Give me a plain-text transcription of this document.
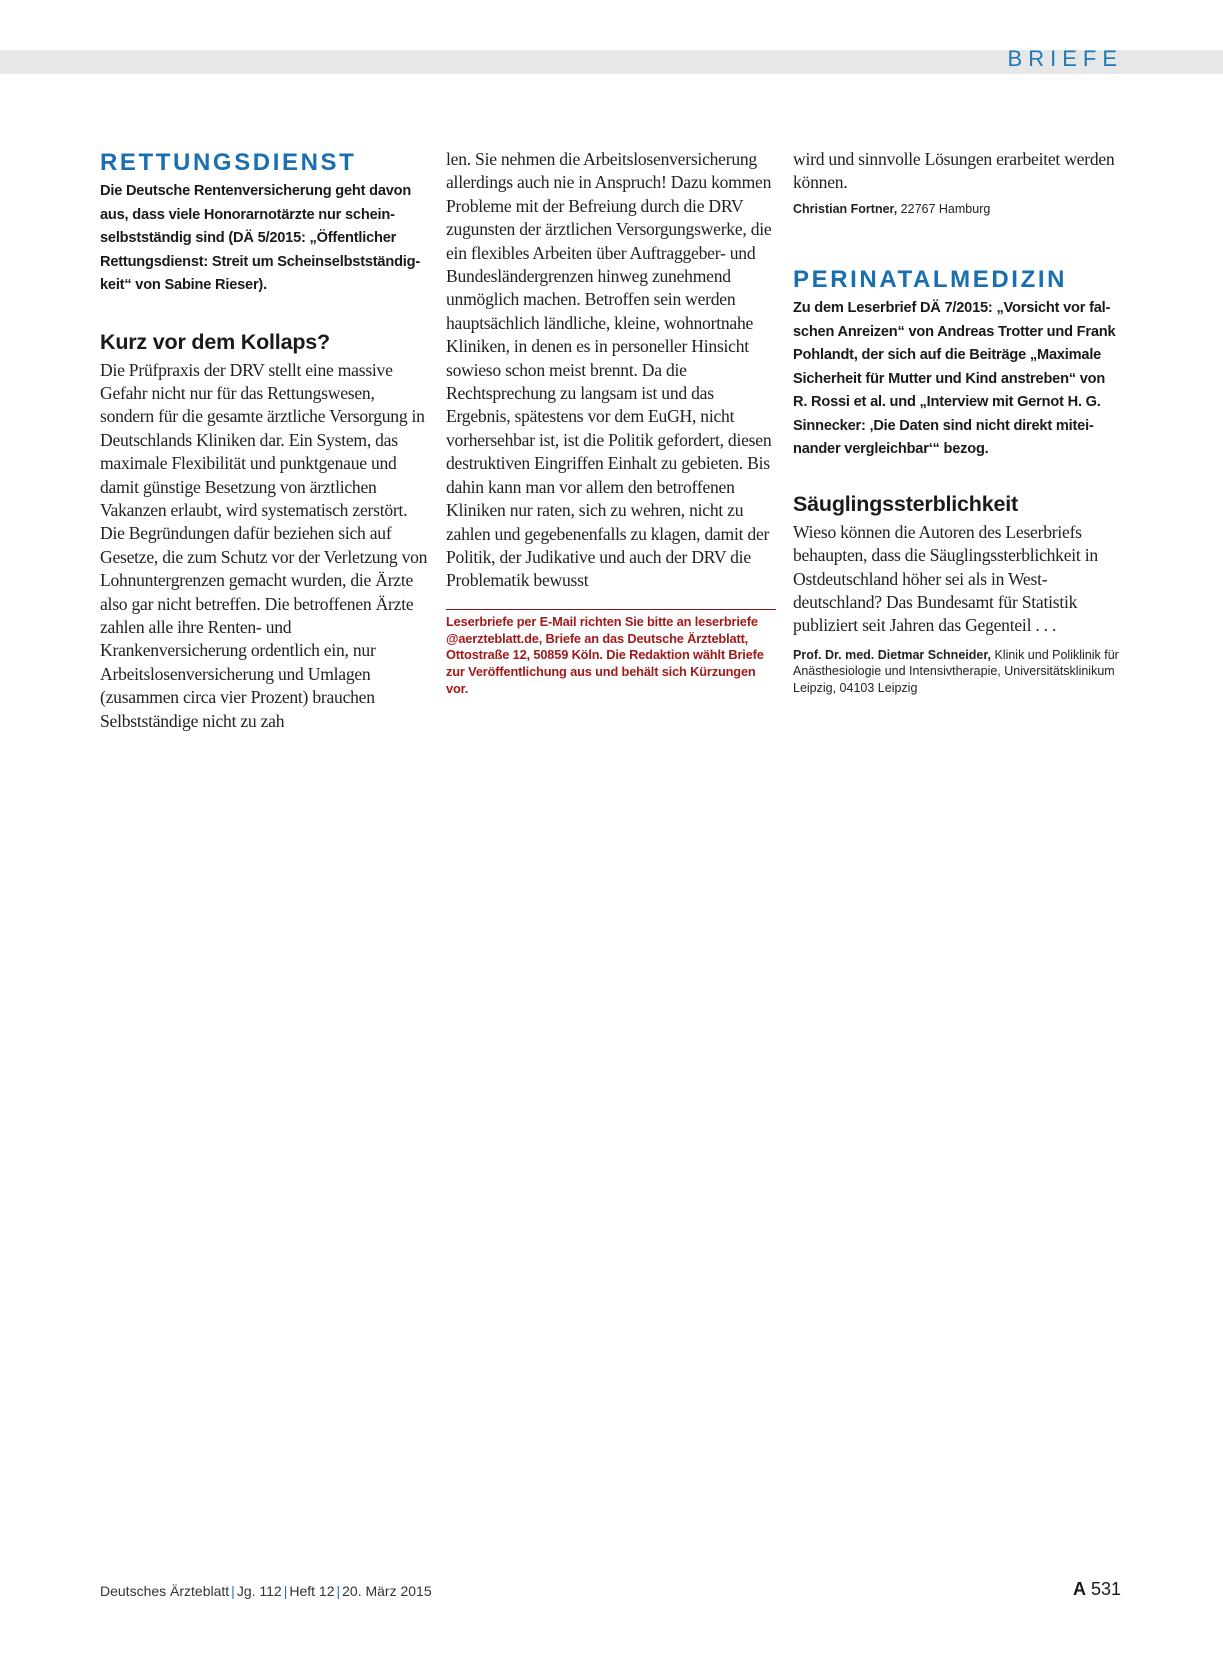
BRIEFE
RETTUNGSDIENST
Die Deutsche Rentenversicherung geht davon aus, dass viele Honorarnotärzte nur scheinselbstständig sind (DÄ 5/2015: „Öffentlicher Rettungsdienst: Streit um Scheinselbstständigkeit“ von Sabine Rieser).
Kurz vor dem Kollaps?
Die Prüfpraxis der DRV stellt eine massive Gefahr nicht nur für das Rettungswesen, sondern für die gesamte ärztliche Versorgung in Deutschlands Kliniken dar. Ein System, das maximale Flexibilität und punktgenaue und damit günstige Besetzung von ärztlichen Vakanzen erlaubt, wird systematisch zerstört. Die Begründungen dafür beziehen sich auf Gesetze, die zum Schutz vor der Verletzung von Lohnuntergrenzen gemacht wurden, die Ärzte also gar nicht betreffen. Die betroffenen Ärzte zahlen alle ihre Renten- und Krankenversicherung ordentlich ein, nur Arbeitslosenversicherung und Umlagen (zusammen circa vier Prozent) brauchen Selbstständige nicht zu zah
len. Sie nehmen die Arbeitslosenversicherung allerdings auch nie in Anspruch! Dazu kommen Probleme mit der Befreiung durch die DRV zugunsten der ärztlichen Versorgungswerke, die ein flexibles Arbeiten über Auftraggeber- und Bundesländergrenzen hinweg zunehmend unmöglich machen. Betroffen sein werden hauptsächlich ländliche, kleine, wohnortnahe Kliniken, in denen es in personeller Hinsicht sowieso schon meist brennt. Da die Rechtsprechung zu langsam ist und das Ergebnis, spätestens vor dem EuGH, nicht vorhersehbar ist, ist die Politik gefordert, diesen destruktiven Eingriffen Einhalt zu gebieten. Bis dahin kann man vor allem den betroffenen Kliniken nur raten, sich zu wehren, nicht zu zahlen und gegebenenfalls zu klagen, damit der Politik, der Judikative und auch der DRV die Problematik bewusst
Leserbriefe per E-Mail richten Sie bitte an leserbriefe @aerzteblatt.de, Briefe an das Deutsche Ärzteblatt, Ottostraße 12, 50859 Köln. Die Redaktion wählt Briefe zur Veröffentlichung aus und behält sich Kürzungen vor.
wird und sinnvolle Lösungen erarbeitet werden können.
Christian Fortner, 22767 Hamburg
PERINATALMEDIZIN
Zu dem Leserbrief DÄ 7/2015: „Vorsicht vor falschen Anreizen“ von Andreas Trotter und Frank Pohlandt, der sich auf die Beiträge „Maximale Sicherheit für Mutter und Kind anstreben“ von R. Rossi et al. und „Interview mit Gernot H. G. Sinnecker: ‚Die Daten sind nicht direkt miteinander vergleichbar‘“ bezog.
Säuglingssterblichkeit
Wieso können die Autoren des Leserbriefs behaupten, dass die Säuglingssterblichkeit in Ostdeutschland höher sei als in Westdeutschland? Das Bundesamt für Statistik publiziert seit Jahren das Gegenteil . . .
Prof. Dr. med. Dietmar Schneider, Klinik und Poliklinik für Anästhesiologie und Intensivtherapie, Universitätsklinikum Leipzig, 04103 Leipzig
Deutsches Ärzteblatt | Jg. 112 | Heft 12 | 20. März 2015	A 531
